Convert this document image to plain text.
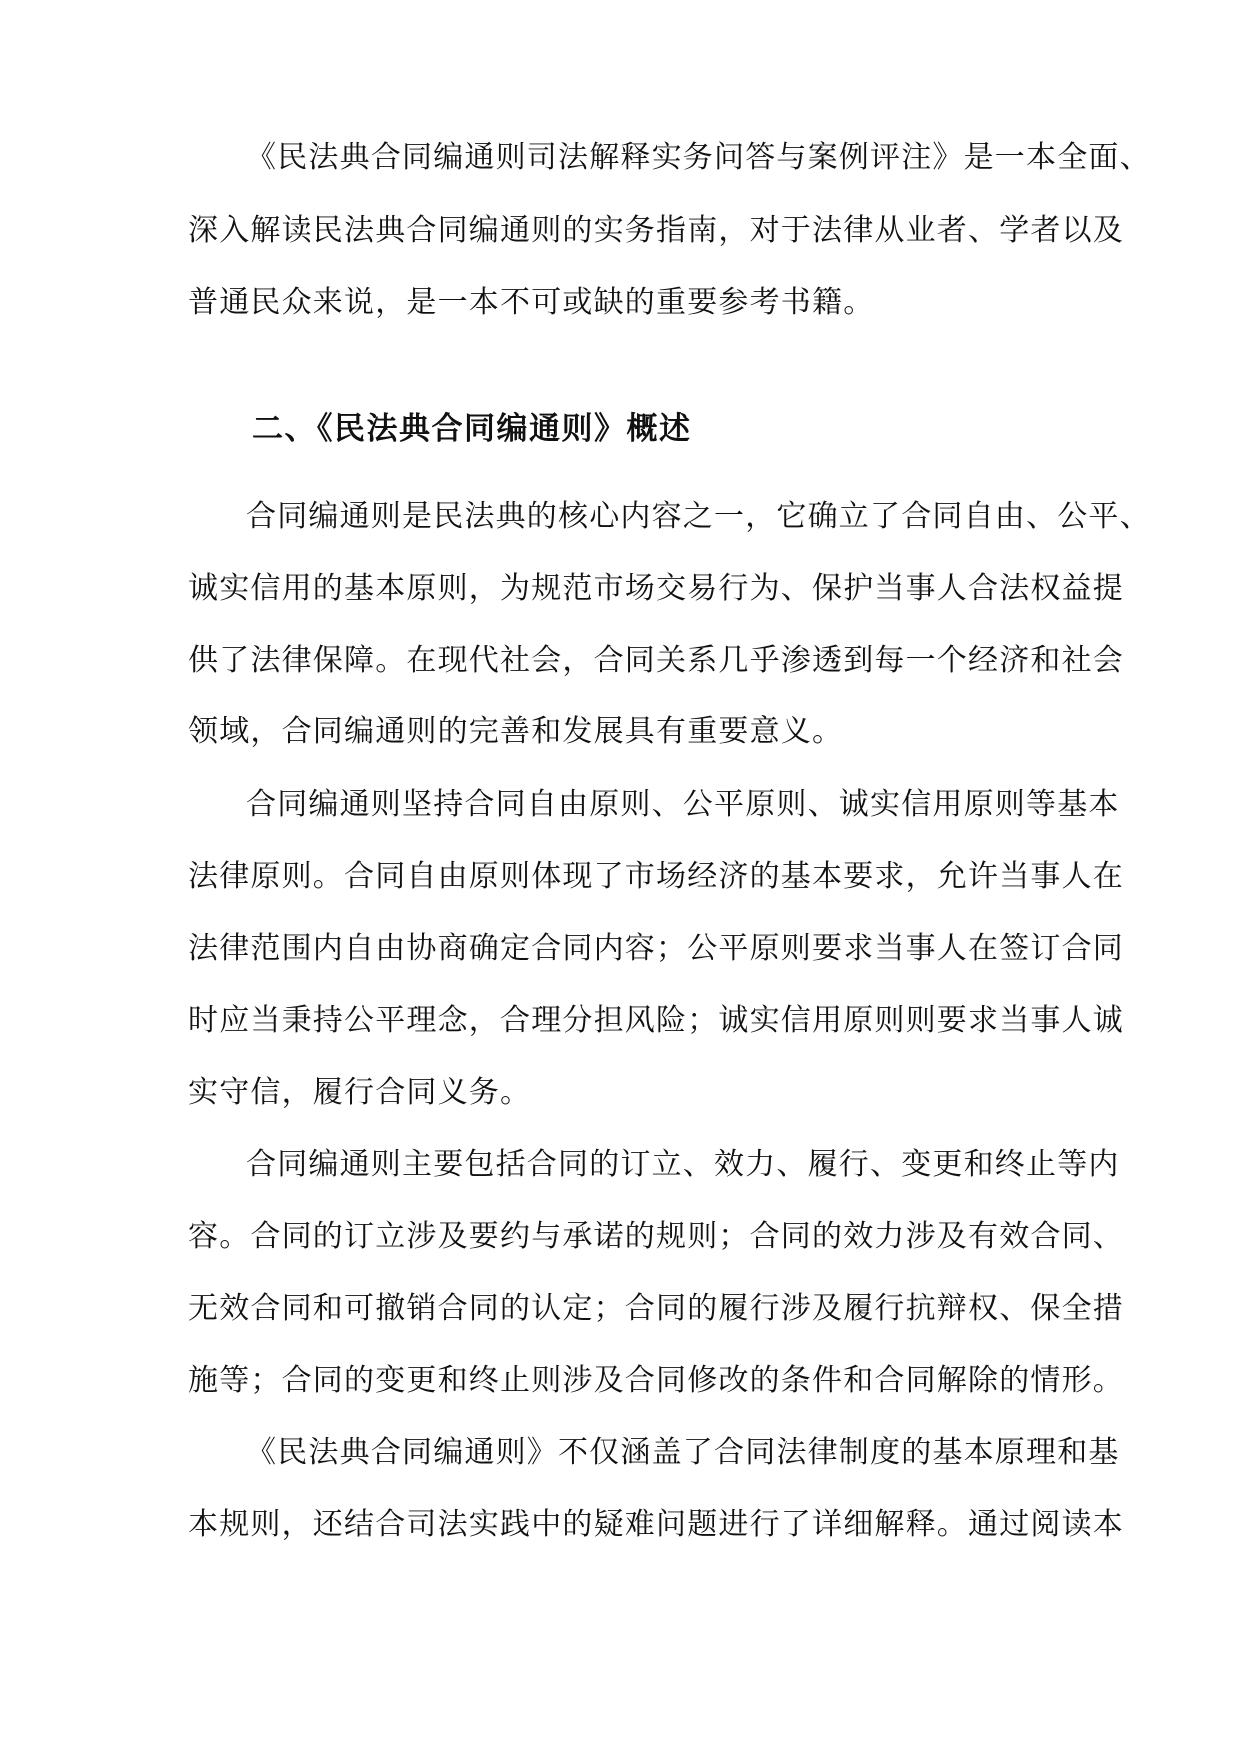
《民法典合同编通则司法解释实务问答与案例评注》是一本全面、
深入解读民法典合同编通则的实务指南，对于法律从业者、学者以及
普通民众来说，是一本不可或缺的重要参考书籍。
二、《民法典合同编通则》概述
合同编通则是民法典的核心内容之一，它确立了合同自由、公平、
诚实信用的基本原则，为规范市场交易行为、保护当事人合法权益提
供了法律保障。在现代社会，合同关系几乎渗透到每一个经济和社会
领域，合同编通则的完善和发展具有重要意义。
合同编通则坚持合同自由原则、公平原则、诚实信用原则等基本
法律原则。合同自由原则体现了市场经济的基本要求，允许当事人在
法律范围内自由协商确定合同内容；公平原则要求当事人在签订合同
时应当秉持公平理念，合理分担风险；诚实信用原则则要求当事人诚
实守信，履行合同义务。
合同编通则主要包括合同的订立、效力、履行、变更和终止等内
容。合同的订立涉及要约与承诺的规则；合同的效力涉及有效合同、
无效合同和可撤销合同的认定；合同的履行涉及履行抗辩权、保全措
施等；合同的变更和终止则涉及合同修改的条件和合同解除的情形。
《民法典合同编通则》不仅涵盖了合同法律制度的基本原理和基
本规则，还结合司法实践中的疑难问题进行了详细解释。通过阅读本
